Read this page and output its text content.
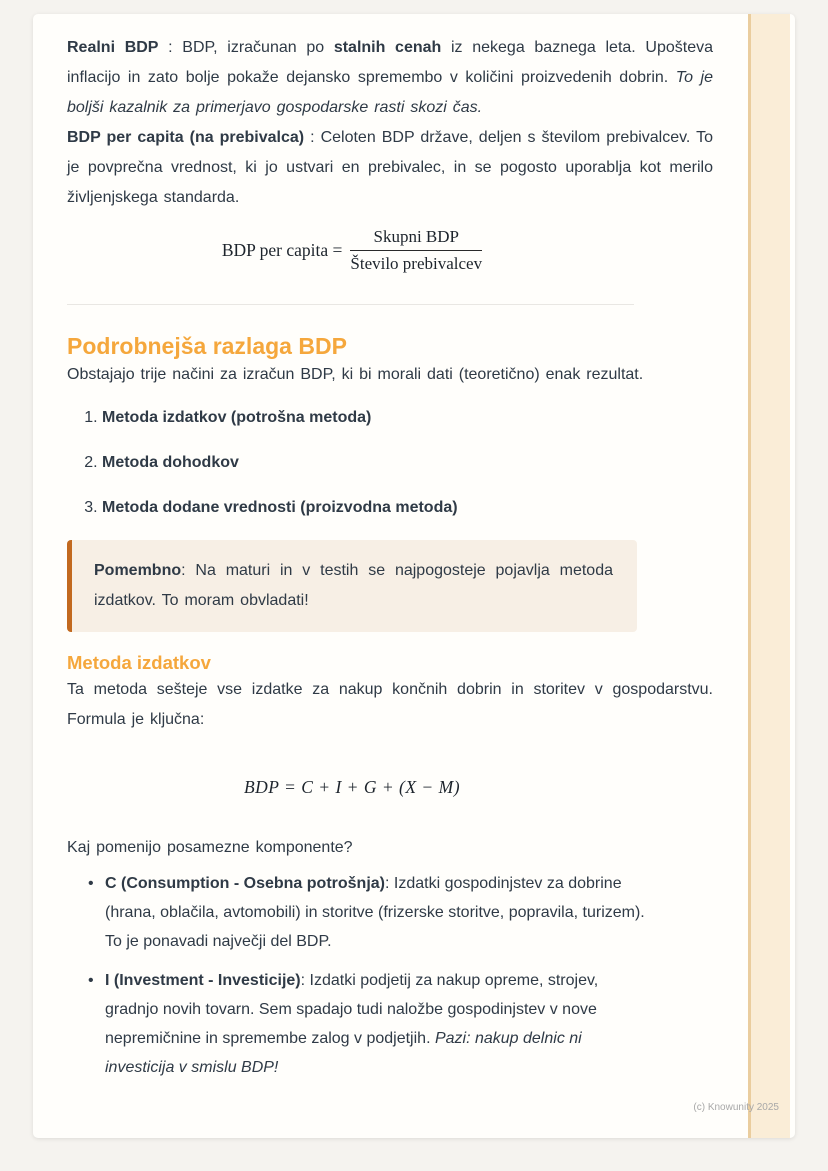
Realni BDP : BDP, izračunan po stalnih cenah iz nekega baznega leta. Upošteva inflacijo in zato bolje pokaže dejansko spremembo v količini proizvedenih dobrin. To je boljši kazalnik za primerjavo gospodarske rasti skozi čas.

BDP per capita (na prebivalca) : Celoten BDP države, deljen s številom prebivalcev. To je povprečna vrednost, ki jo ustvari en prebivalec, in se pogosto uporablja kot merilo življenjskega standarda.

BDP per capita = $\frac{\text{Skupni BDP}}{\text{Število prebivalcev}}$
Podrobnejša razlaga BDP

Obstajajo trije načini za izračun BDP, ki bi morali dati (teoretično) enak rezultat.

1. Metoda izdatkov (potrošna metoda)
2. Metoda dohodkov
3. Metoda dodane vrednosti (proizvodna metoda)

Pomembno: Na maturi in v testih se najpogosteje pojavlja metoda izdatkov. To moram obvladati!

Metoda izdatkov

Ta metoda sešteje vse izdatke za nakup končnih dobrin in storitev v gospodarstvu. Formula je ključna:

BDP = C + I + G + (X − M)

Kaj pomenijo posamezne komponente?

• C (Consumption - Osebna potrošnja): Izdatki gospodinjstev za dobrine (hrana, oblačila, avtomobili) in storitve (frizerske storitve, popravila, turizem). To je ponavadi največji del BDP.
• I (Investment - Investicije): Izdatki podjetij za nakup opreme, strojev, gradnjo novih tovarn. Sem spadajo tudi naložbe gospodinjstev v nove nepremičnine in spremembe zalog v podjetjih. Pazi: nakup delnic ni investicija v smislu BDP!
(c) Knowunity 2025
